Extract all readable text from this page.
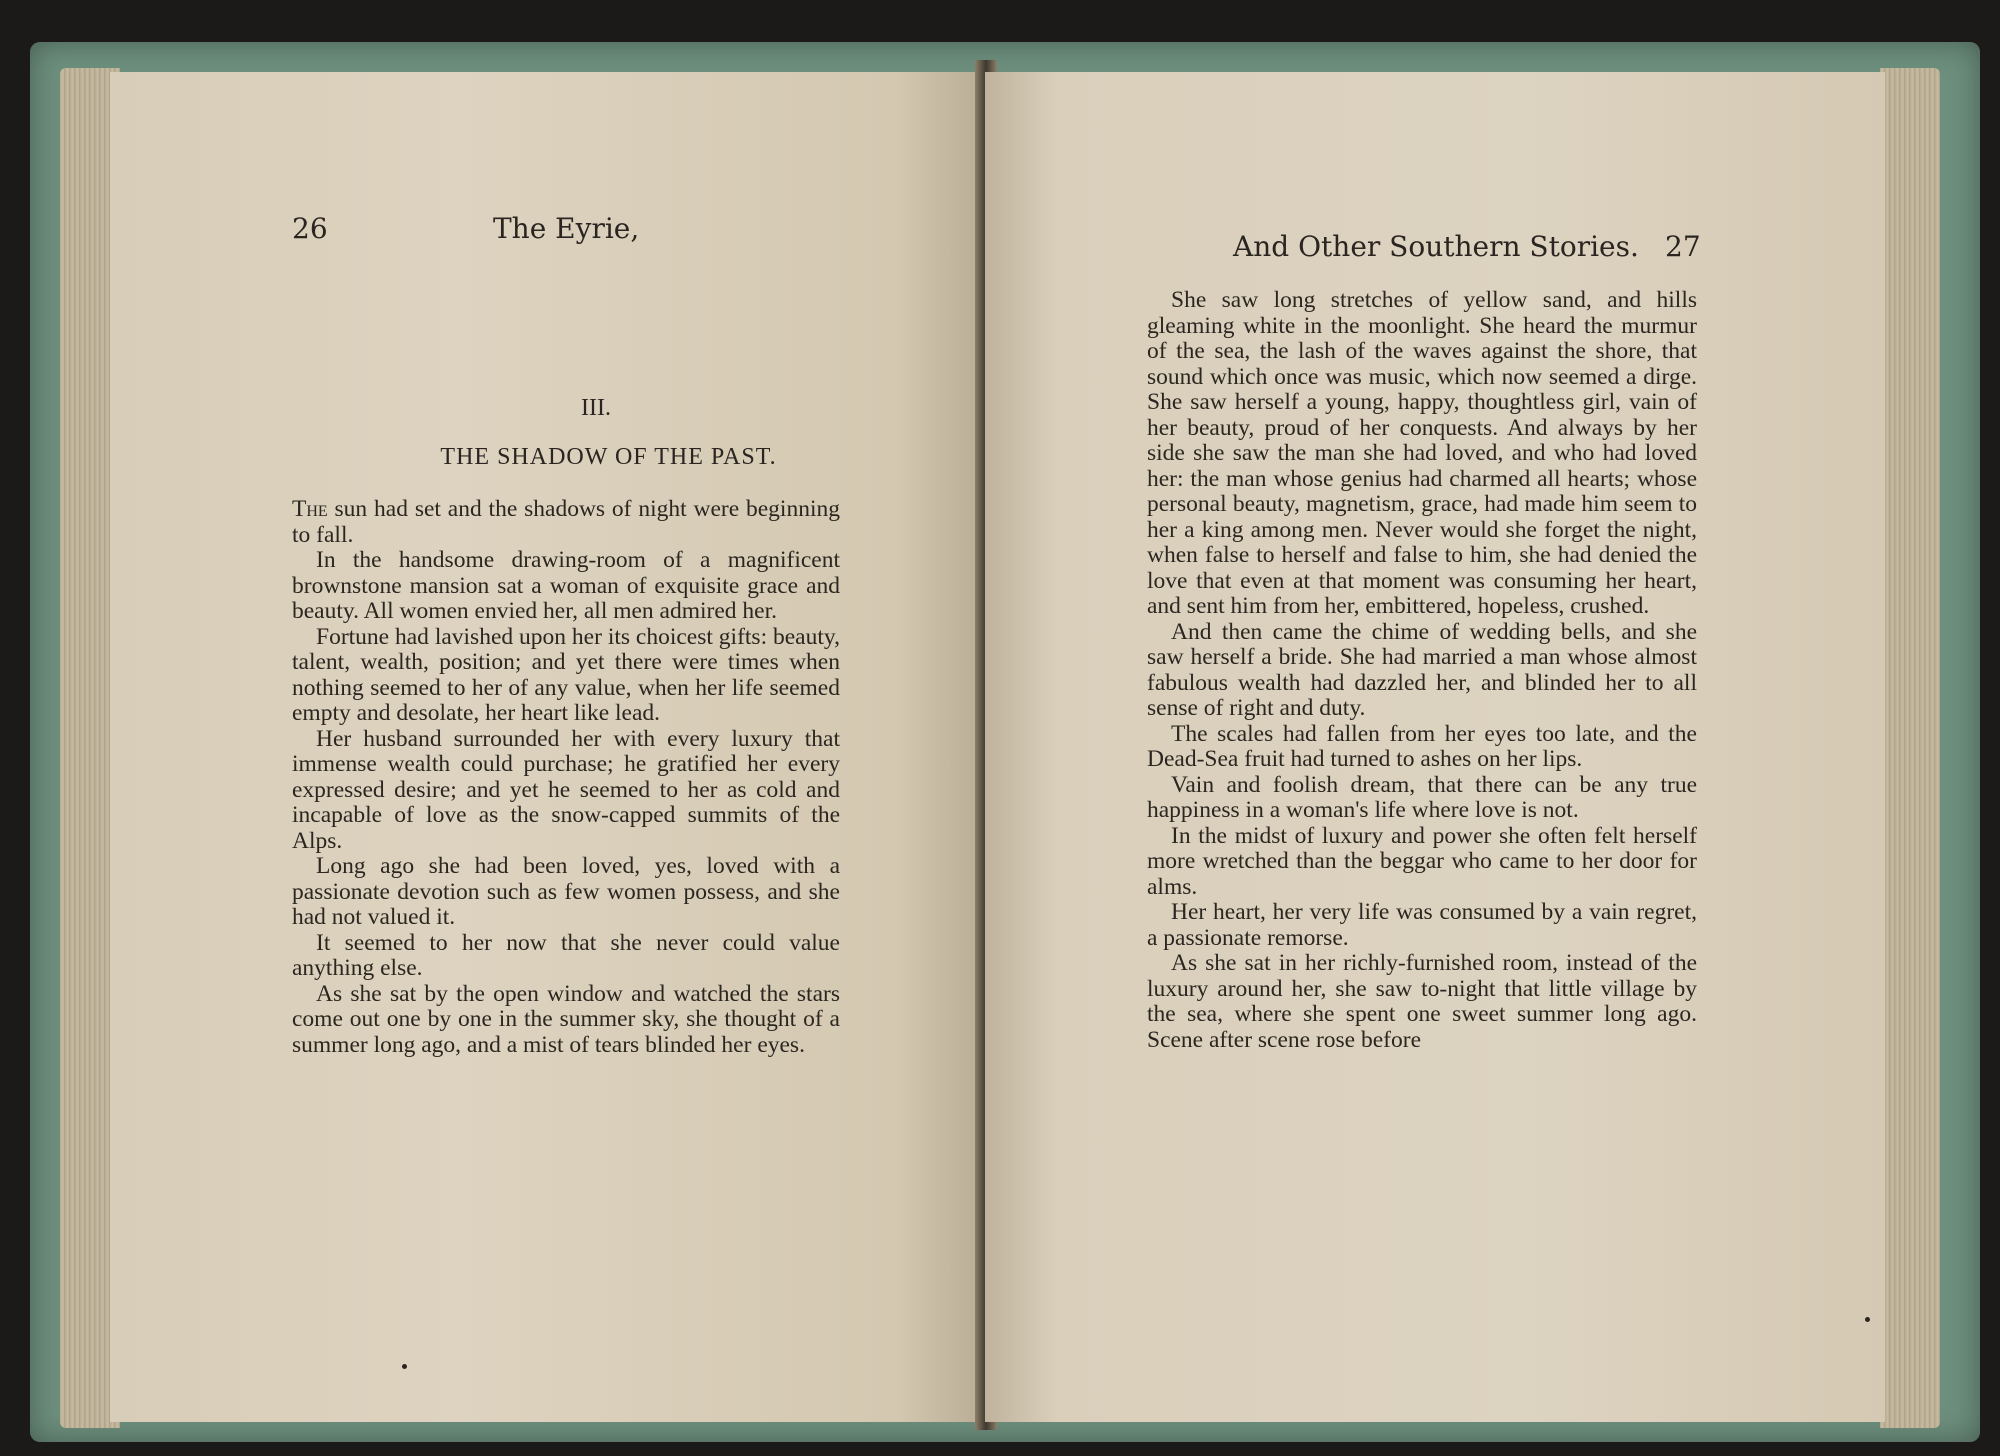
26	The Eyrie,
III.
THE SHADOW OF THE PAST.

The sun had set and the shadows of night were beginning to fall.

In the handsome drawing-room of a magnificent brownstone mansion sat a woman of exquisite grace and beauty. All women envied her, all men admired her.

Fortune had lavished upon her its choicest gifts: beauty, talent, wealth, position; and yet there were times when nothing seemed to her of any value, when her life seemed empty and desolate, her heart like lead.

Her husband surrounded her with every luxury that immense wealth could purchase; he gratified her every expressed desire; and yet he seemed to her as cold and incapable of love as the snow-capped summits of the Alps.

Long ago she had been loved, yes, loved with a passionate devotion such as few women possess, and she had not valued it.

It seemed to her now that she never could value anything else.

As she sat by the open window and watched the stars come out one by one in the summer sky, she thought of a summer long ago, and a mist of tears blinded her eyes.

And Other Southern Stories. 27

She saw long stretches of yellow sand, and hills gleaming white in the moonlight. She heard the murmur of the sea, the lash of the waves against the shore, that sound which once was music, which now seemed a dirge. She saw herself a young, happy, thoughtless girl, vain of her beauty, proud of her conquests. And always by her side she saw the man she had loved, and who had loved her: the man whose genius had charmed all hearts; whose personal beauty, magnetism, grace, had made him seem to her a king among men. Never would she forget the night, when false to herself and false to him, she had denied the love that even at that moment was consuming her heart, and sent him from her, embittered, hopeless, crushed.

And then came the chime of wedding bells, and she saw herself a bride. She had married a man whose almost fabulous wealth had dazzled her, and blinded her to all sense of right and duty.

The scales had fallen from her eyes too late, and the Dead-Sea fruit had turned to ashes on her lips.

Vain and foolish dream, that there can be any true happiness in a woman's life where love is not.

In the midst of luxury and power she often felt herself more wretched than the beggar who came to her door for alms.

Her heart, her very life was consumed by a vain regret, a passionate remorse.

As she sat in her richly-furnished room, instead of the luxury around her, she saw to-night that little village by the sea, where she spent one sweet summer long ago. Scene after scene rose before
